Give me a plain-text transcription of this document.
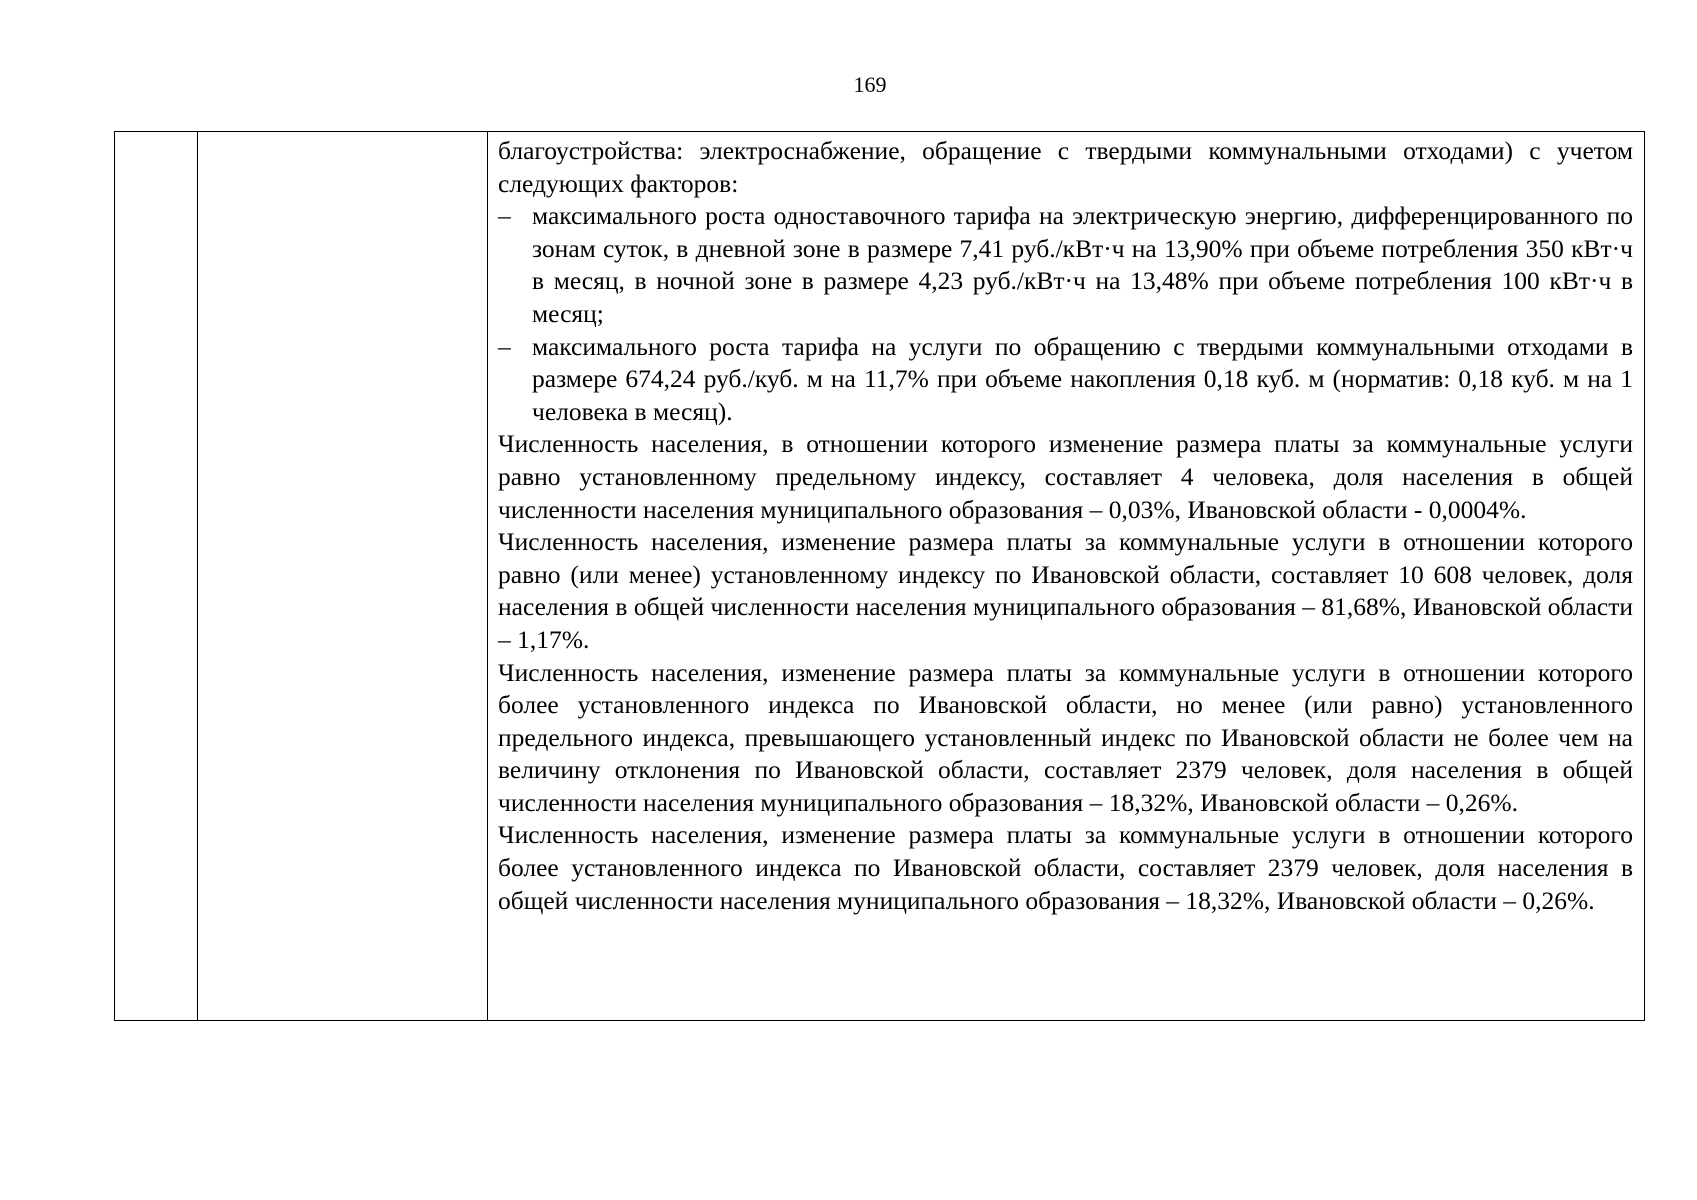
169

благоустройства: электроснабжение, обращение с твердыми коммунальными отходами) с учетом следующих факторов:

– максимального роста одноставочного тарифа на электрическую энергию, дифференцированного по зонам суток, в дневной зоне в размере 7,41 руб./кВт·ч на 13,90% при объеме потребления 350 кВт·ч в месяц, в ночной зоне в размере 4,23 руб./кВт·ч на 13,48% при объеме потребления 100 кВт·ч в месяц;

– максимального роста тарифа на услуги по обращению с твердыми коммунальными отходами в размере 674,24 руб./куб. м на 11,7% при объеме накопления 0,18 куб. м (норматив: 0,18 куб. м на 1 человека в месяц).

Численность населения, в отношении которого изменение размера платы за коммунальные услуги равно установленному предельному индексу, составляет 4 человека, доля населения в общей численности населения муниципального образования – 0,03%, Ивановской области - 0,0004%.

Численность населения, изменение размера платы за коммунальные услуги в отношении которого равно (или менее) установленному индексу по Ивановской области, составляет 10 608 человек, доля населения в общей численности населения муниципального образования – 81,68%, Ивановской области – 1,17%.

Численность населения, изменение размера платы за коммунальные услуги в отношении которого более установленного индекса по Ивановской области, но менее (или равно) установленного предельного индекса, превышающего установленный индекс по Ивановской области не более чем на величину отклонения по Ивановской области, составляет 2379 человек, доля населения в общей численности населения муниципального образования – 18,32%, Ивановской области – 0,26%.

Численность населения, изменение размера платы за коммунальные услуги в отношении которого более установленного индекса по Ивановской области, составляет 2379 человек, доля населения в общей численности населения муниципального образования – 18,32%, Ивановской области – 0,26%.
